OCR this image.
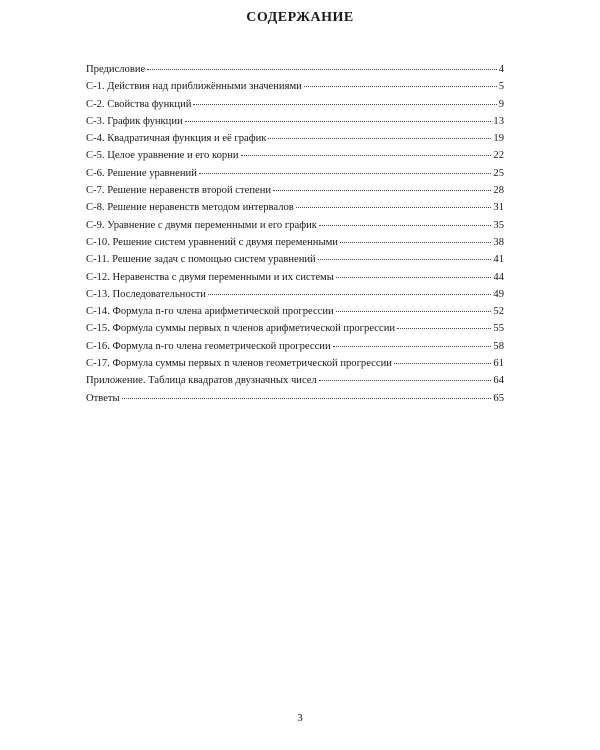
СОДЕРЖАНИЕ
Предисловие	4
С-1. Действия над приближёнными значениями	5
С-2. Свойства функций	9
С-3. График функции	13
С-4. Квадратичная функция и её график	19
С-5. Целое уравнение и его корни	22
С-6. Решение уравнений	25
С-7. Решение неравенств второй степени	28
С-8. Решение неравенств методом интервалов	31
С-9. Уравнение с двумя переменными и его график	35
С-10. Решение систем уравнений с двумя переменными	38
С-11. Решение задач с помощью систем уравнений	41
С-12. Неравенства с двумя переменными и их системы	44
С-13. Последовательности	49
С-14. Формула n-го члена арифметической прогрессии	52
С-15. Формула суммы первых n членов арифметической прогрессии	55
С-16. Формула n-го члена геометрической прогрессии	58
С-17. Формула суммы первых n членов геометрической прогрессии	61
Приложение. Таблица квадратов двузначных чисел	64
Ответы	65
3
